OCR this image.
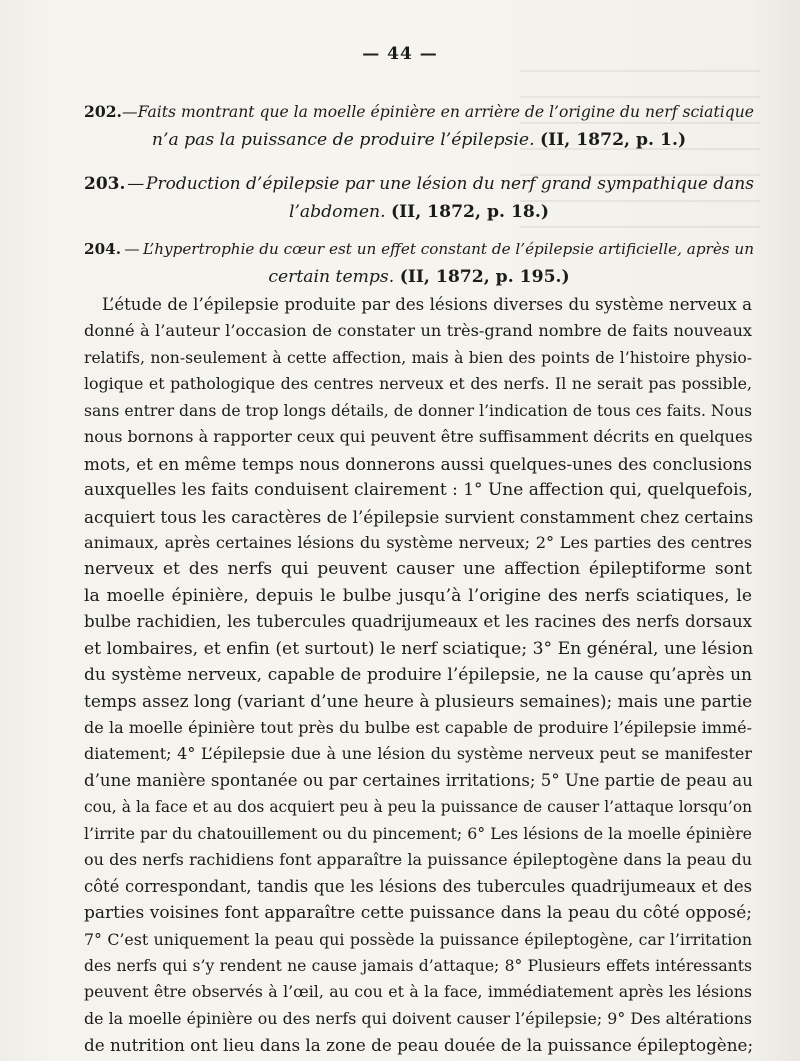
— 44 —
202. — Faits montrant que la moelle épinière en arrière de l’origine du nerf sciatique
n’a pas la puissance de produire l’épilepsie. (II, 1872, p. 1.)
203. — Production d’épilepsie par une lésion du nerf grand sympathique dans
l’abdomen. (II, 1872, p. 18.)
204. — L’hypertrophie du cœur est un effet constant de l’épilepsie artificielle, après un
certain temps. (II, 1872, p. 195.)
L’étude de l’épilepsie produite par des lésions diverses du système nerveux a
donné à l’auteur l’occasion de constater un très-grand nombre de faits nouveaux
relatifs, non-seulement à cette affection, mais à bien des points de l’histoire physio-
logique et pathologique des centres nerveux et des nerfs. Il ne serait pas possible,
sans entrer dans de trop longs détails, de donner l’indication de tous ces faits. Nous
nous bornons à rapporter ceux qui peuvent être suffisamment décrits en quelques
mots, et en même temps nous donnerons aussi quelques-unes des conclusions
auxquelles les faits conduisent clairement : 1° Une affection qui, quelquefois,
acquiert tous les caractères de l’épilepsie survient constamment chez certains
animaux, après certaines lésions du système nerveux; 2° Les parties des centres
nerveux et des nerfs qui peuvent causer une affection épileptiforme sont
la moelle épinière, depuis le bulbe jusqu’à l’origine des nerfs sciatiques, le
bulbe rachidien, les tubercules quadrijumeaux et les racines des nerfs dorsaux
et lombaires, et enfin (et surtout) le nerf sciatique; 3° En général, une lésion
du système nerveux, capable de produire l’épilepsie, ne la cause qu’après un
temps assez long (variant d’une heure à plusieurs semaines); mais une partie
de la moelle épinière tout près du bulbe est capable de produire l’épilepsie immé-
diatement; 4° L’épilepsie due à une lésion du système nerveux peut se manifester
d’une manière spontanée ou par certaines irritations; 5° Une partie de peau au
cou, à la face et au dos acquiert peu à peu la puissance de causer l’attaque lorsqu’on
l’irrite par du chatouillement ou du pincement; 6° Les lésions de la moelle épinière
ou des nerfs rachidiens font apparaître la puissance épileptogène dans la peau du
côté correspondant, tandis que les lésions des tubercules quadrijumeaux et des
parties voisines font apparaître cette puissance dans la peau du côté opposé;
7° C’est uniquement la peau qui possède la puissance épileptogène, car l’irritation
des nerfs qui s’y rendent ne cause jamais d’attaque; 8° Plusieurs effets intéressants
peuvent être observés à l’œil, au cou et à la face, immédiatement après les lésions
de la moelle épinière ou des nerfs qui doivent causer l’épilepsie; 9° Des altérations
de nutrition ont lieu dans la zone de peau douée de la puissance épileptogène;
